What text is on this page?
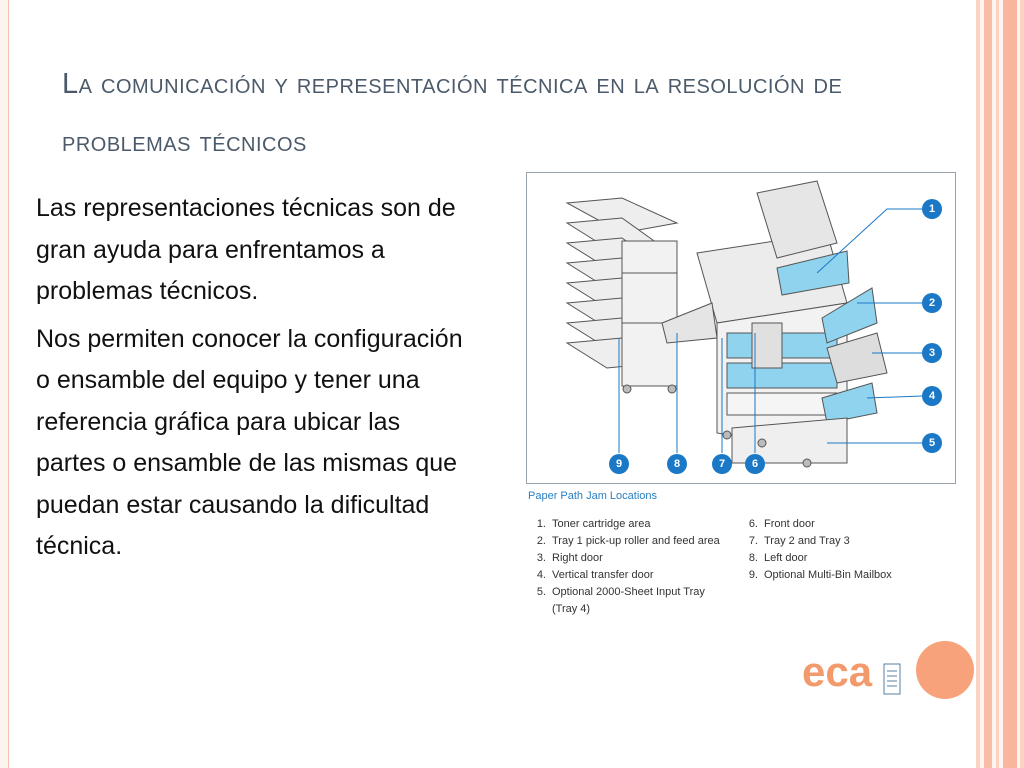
La comunicación y representación técnica en la resolución de problemas técnicos

Las representaciones técnicas son de gran ayuda para enfrentamos a problemas técnicos.

Nos permiten conocer la configuración o ensamble del equipo y tener una referencia gráfica para ubicar las partes o ensamble de las mismas que puedan estar causando la dificultad técnica.

1
2
3
4
5
6
7
8
9
Paper Path Jam Locations
1. Toner cartridge area
2. Tray 1 pick-up roller and feed area
3. Right door
4. Vertical transfer door
5. Optional 2000-Sheet Input Tray
(Tray 4)
6. Front door
7. Tray 2 and Tray 3
8. Left door
9. Optional Multi-Bin Mailbox
eca
